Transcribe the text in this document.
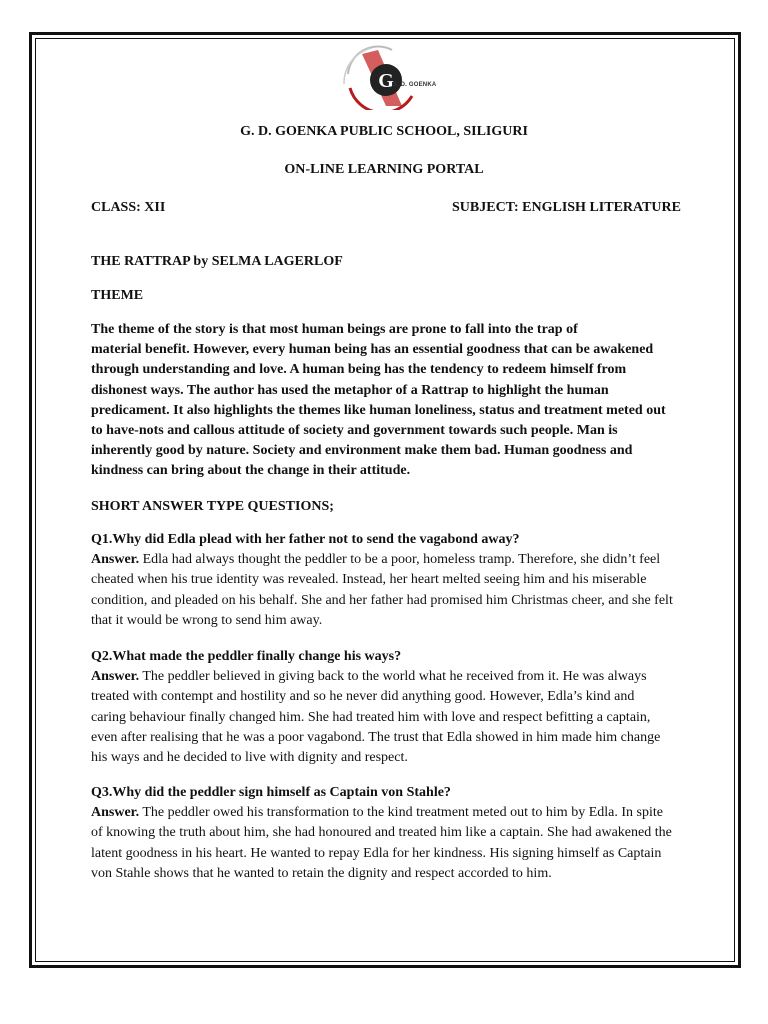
G
G. D. GOENKA
G. D. GOENKA PUBLIC SCHOOL, SILIGURI
ON-LINE LEARNING PORTAL
CLASS: XII	SUBJECT: ENGLISH LITERATURE
THE RATTRAP by SELMA LAGERLOF
THEME
The theme of the story is that most human beings are prone to fall into the trap of
material benefit. However, every human being has an essential goodness that can be awakened
through understanding and love. A human being has the tendency to redeem himself from
dishonest ways. The author has used the metaphor of a Rattrap to highlight the human
predicament. It also highlights the themes like human loneliness, status and treatment meted out
to have-nots and callous attitude of society and government towards such people. Man is
inherently good by nature. Society and environment make them bad. Human goodness and
kindness can bring about the change in their attitude.
SHORT ANSWER TYPE QUESTIONS;
Q1.Why did Edla plead with her father not to send the vagabond away?
Answer. Edla had always thought the peddler to be a poor, homeless tramp. Therefore, she didn’t feel
cheated when his true identity was revealed. Instead, her heart melted seeing him and his miserable
condition, and pleaded on his behalf. She and her father had promised him Christmas cheer, and she felt
that it would be wrong to send him away.
Q2.What made the peddler finally change his ways?
Answer. The peddler believed in giving back to the world what he received from it. He was always
treated with contempt and hostility and so he never did anything good. However, Edla’s kind and
caring behaviour finally changed him. She had treated him with love and respect befitting a captain,
even after realising that he was a poor vagabond. The trust that Edla showed in him made him change
his ways and he decided to live with dignity and respect.
Q3.Why did the peddler sign himself as Captain von Stahle?
Answer. The peddler owed his transformation to the kind treatment meted out to him by Edla. In spite
of knowing the truth about him, she had honoured and treated him like a captain. She had awakened the
latent goodness in his heart. He wanted to repay Edla for her kindness. His signing himself as Captain
von Stahle shows that he wanted to retain the dignity and respect accorded to him.
